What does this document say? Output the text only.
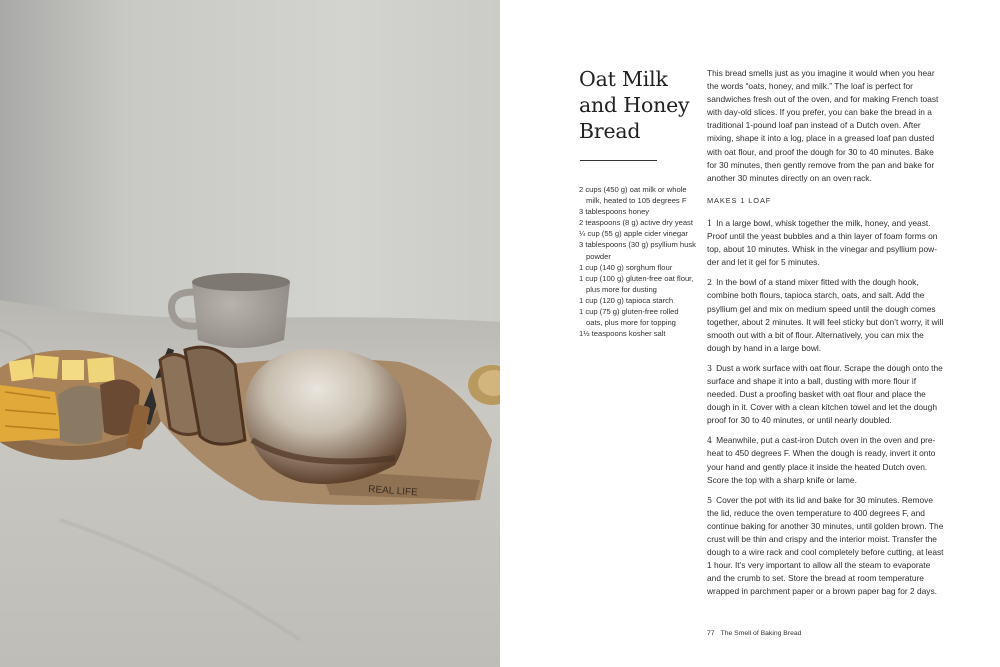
REAL LIFE
Oat Milk
and Honey
Bread
2 cups (450 g) oat milk or whole milk, heated to 105 degrees F
3 tablespoons honey
2 teaspoons (8 g) active dry yeast
¼ cup (55 g) apple cider vinegar
3 tablespoons (30 g) psyllium husk powder
1 cup (140 g) sorghum flour
1 cup (100 g) gluten-free oat flour, plus more for dusting
1 cup (120 g) tapioca starch
1 cup (75 g) gluten-free rolled oats, plus more for topping
1½ teaspoons kosher salt

This bread smells just as you imagine it would when you hear the words “oats, honey, and milk.” The loaf is perfect for sandwiches fresh out of the oven, and for making French toast with day-old slices. If you prefer, you can bake the bread in a traditional 1-pound loaf pan instead of a Dutch oven. After mixing, shape it into a log, place in a greased loaf pan dusted with oat flour, and proof the dough for 30 to 40 minutes. Bake for 30 minutes, then gently remove from the pan and bake for another 30 minutes directly on an oven rack.

MAKES 1 LOAF

1 In a large bowl, whisk together the milk, honey, and yeast. Proof until the yeast bubbles and a thin layer of foam forms on top, about 10 minutes. Whisk in the vinegar and psyllium powder and let it gel for 5 minutes.

2 In the bowl of a stand mixer fitted with the dough hook, combine both flours, tapioca starch, oats, and salt. Add the psyllium gel and mix on medium speed until the dough comes together, about 2 minutes. It will feel sticky but don’t worry, it will smooth out with a bit of flour. Alternatively, you can mix the dough by hand in a large bowl.

3 Dust a work surface with oat flour. Scrape the dough onto the surface and shape it into a ball, dusting with more flour if needed. Dust a proofing basket with oat flour and place the dough in it. Cover with a clean kitchen towel and let the dough proof for 30 to 40 minutes, or until nearly doubled.

4 Meanwhile, put a cast-iron Dutch oven in the oven and preheat to 450 degrees F. When the dough is ready, invert it onto your hand and gently place it inside the heated Dutch oven. Score the top with a sharp knife or lame.

5 Cover the pot with its lid and bake for 30 minutes. Remove the lid, reduce the oven temperature to 400 degrees F, and continue baking for another 30 minutes, until golden brown. The crust will be thin and crispy and the interior moist. Transfer the dough to a wire rack and cool completely before cutting, at least 1 hour. It’s very important to allow all the steam to evaporate and the crumb to set. Store the bread at room temperature wrapped in parchment paper or a brown paper bag for 2 days.

77 The Smell of Baking Bread
